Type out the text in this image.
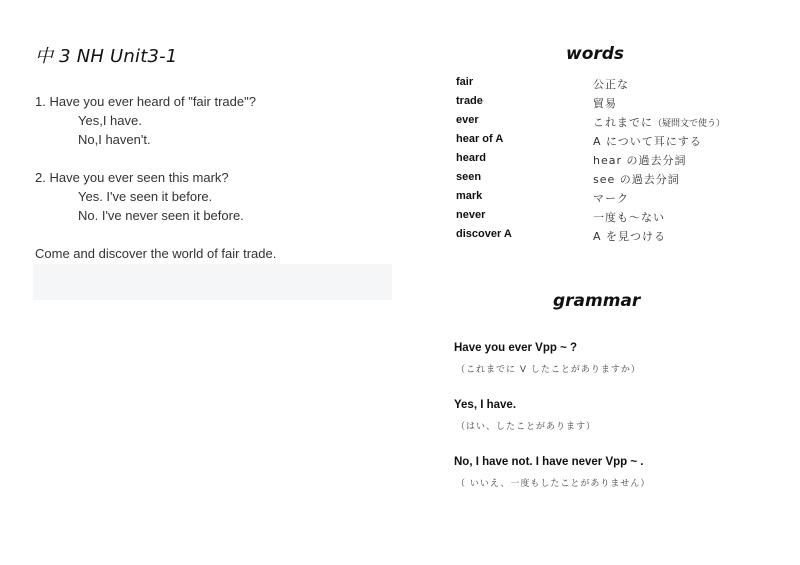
中 3 NH Unit3-1
1. Have you ever heard of "fair trade"?
Yes,I have.
No,I haven't.
2. Have you ever seen this mark?
Yes. I've seen it before.
No. I've never seen it before.
Come and discover the world of fair trade.
words
fair	公正な
trade	貿易
ever	これまでに（疑問文で使う）
hear of A	A について耳にする
heard	hear の過去分詞
seen	see の過去分詞
mark	マーク
never	一度も〜ない
discover A	A を見つける
grammar
Have you ever Vpp ~ ?
（これまでに V したことがありますか）
Yes, I have.
（はい、したことがあります）
No, I have not. I have never Vpp ~ .
（ いいえ、一度もしたことがありません）
